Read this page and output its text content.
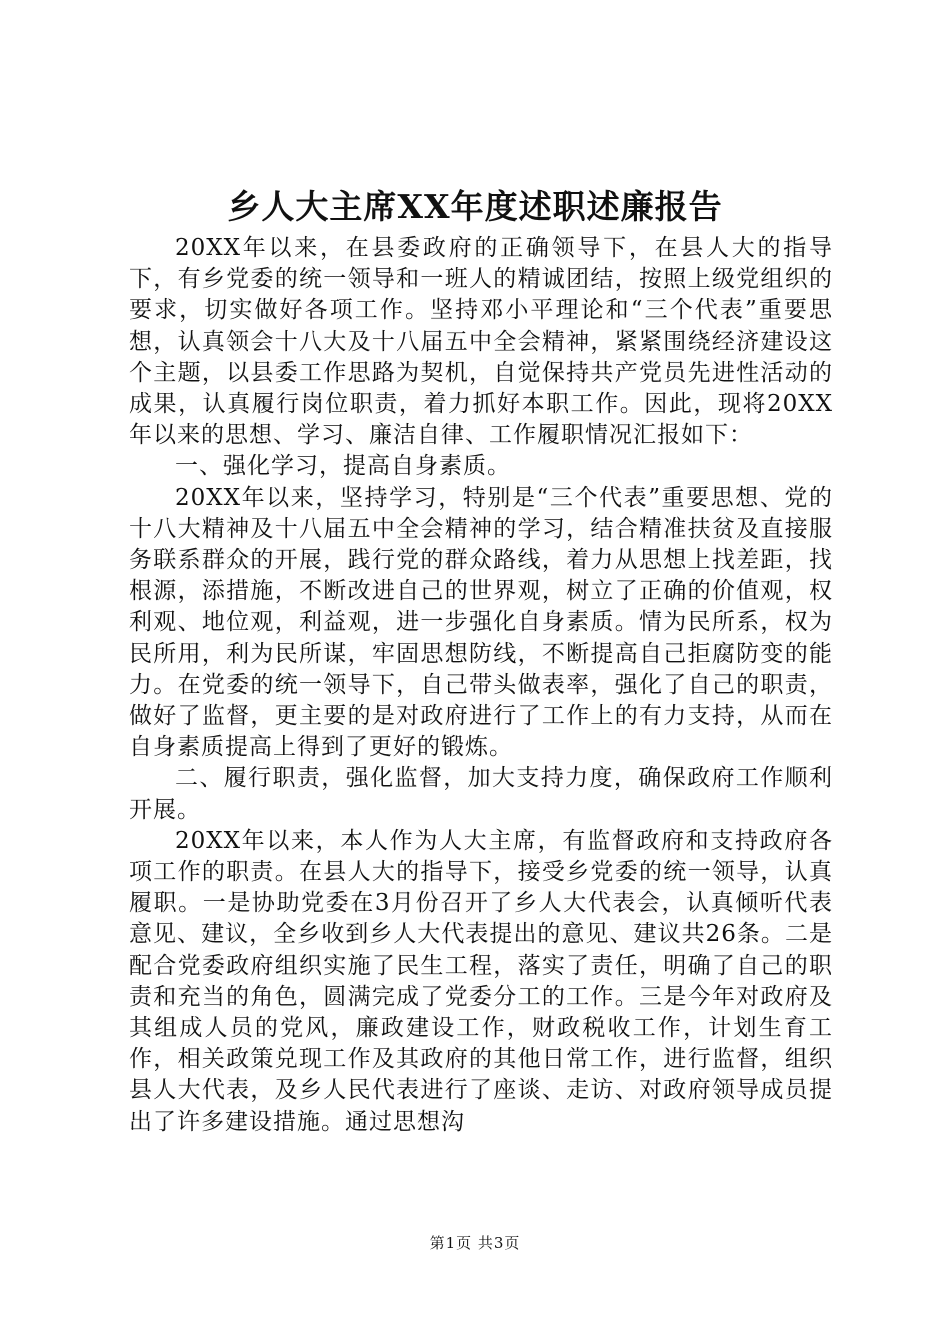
乡人大主席XX年度述职述廉报告

20XX年以来，在县委政府的正确领导下，在县人大的指导下，有乡党委的统一领导和一班人的精诚团结，按照上级党组织的要求，切实做好各项工作。坚持邓小平理论和“三个代表”重要思想，认真领会十八大及十八届五中全会精神，紧紧围绕经济建设这个主题，以县委工作思路为契机，自觉保持共产党员先进性活动的成果，认真履行岗位职责，着力抓好本职工作。因此，现将20XX年以来的思想、学习、廉洁自律、工作履职情况汇报如下：

一、强化学习，提高自身素质。

20XX年以来，坚持学习，特别是“三个代表”重要思想、党的十八大精神及十八届五中全会精神的学习，结合精准扶贫及直接服务联系群众的开展，践行党的群众路线，着力从思想上找差距，找根源，添措施，不断改进自己的世界观，树立了正确的价值观，权利观、地位观，利益观，进一步强化自身素质。情为民所系，权为民所用，利为民所谋，牢固思想防线，不断提高自己拒腐防变的能力。在党委的统一领导下，自己带头做表率，强化了自己的职责，做好了监督，更主要的是对政府进行了工作上的有力支持，从而在自身素质提高上得到了更好的锻炼。

二、履行职责，强化监督，加大支持力度，确保政府工作顺利开展。

20XX年以来，本人作为人大主席，有监督政府和支持政府各项工作的职责。在县人大的指导下，接受乡党委的统一领导，认真履职。一是协助党委在3月份召开了乡人大代表会，认真倾听代表意见、建议，全乡收到乡人大代表提出的意见、建议共26条。二是配合党委政府组织实施了民生工程，落实了责任，明确了自己的职责和充当的角色，圆满完成了党委分工的工作。三是今年对政府及其组成人员的党风，廉政建设工作，财政税收工作，计划生育工作，相关政策兑现工作及其政府的其他日常工作，进行监督，组织县人大代表，及乡人民代表进行了座谈、走访、对政府领导成员提出了许多建设措施。通过思想沟

第1页 共3页
